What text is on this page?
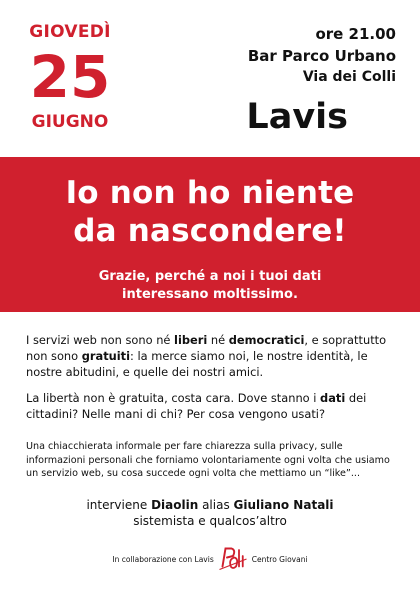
GIOVEDÌ
25
GIUGNO
ore 21.00
Bar Parco Urbano
Via dei Colli
Lavis
Io non ho niente
da nascondere!
Grazie, perché a noi i tuoi dati
interessano moltissimo.

I servizi web non sono né liberi né democratici, e soprattutto non sono gratuiti: la merce siamo noi, le nostre identità, le nostre abitudini, e quelle dei nostri amici.

La libertà non è gratuita, costa cara. Dove stanno i dati dei cittadini? Nelle mani di chi? Per cosa vengono usati?

Una chiacchierata informale per fare chiarezza sulla privacy, sulle informazioni personali che forniamo volontariamente ogni volta che usiamo un servizio web, su cosa succede ogni volta che mettiamo un “like”...

interviene Diaolin alias Giuliano Natali
sistemista e qualcos’altro
In collaborazione con Lavis	Centro Giovani
